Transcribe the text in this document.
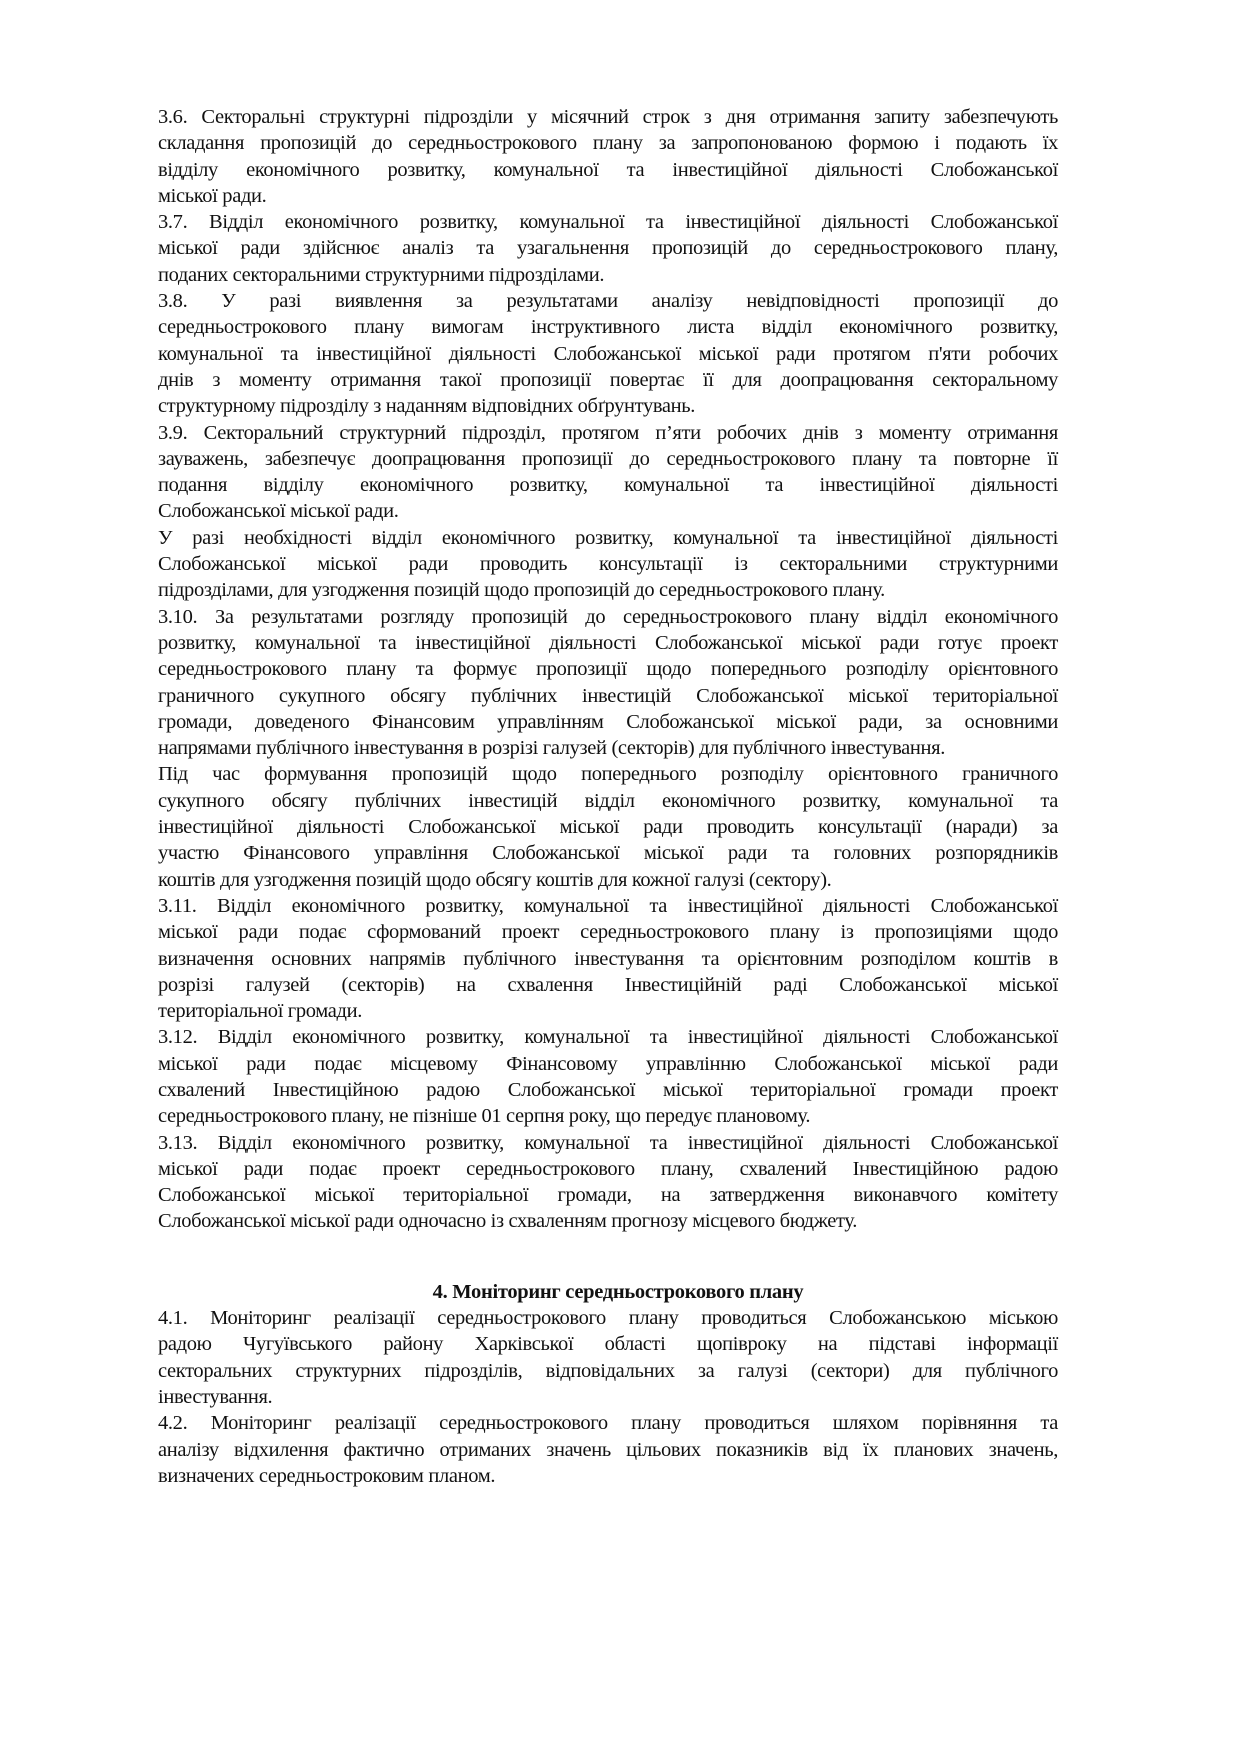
3.6. Секторальні структурні підрозділи у місячний строк з дня отримання запиту забезпечують
складання пропозицій до середньострокового плану за запропонованою формою і подають їх
відділу економічного розвитку, комунальної та інвестиційної діяльності Слобожанської
міської ради.
3.7. Відділ економічного розвитку, комунальної та інвестиційної діяльності Слобожанської
міської ради здійснює аналіз та узагальнення пропозицій до середньострокового плану,
поданих секторальними структурними підрозділами.
3.8. У разі виявлення за результатами аналізу невідповідності пропозиції до
середньострокового плану вимогам інструктивного листа відділ економічного розвитку,
комунальної та інвестиційної діяльності Слобожанської міської ради протягом п'яти робочих
днів з моменту отримання такої пропозиції повертає її для доопрацювання секторальному
структурному підрозділу з наданням відповідних обґрунтувань.
3.9. Секторальний структурний підрозділ, протягом п’яти робочих днів з моменту отримання
зауважень, забезпечує доопрацювання пропозиції до середньострокового плану та повторне її
подання відділу економічного розвитку, комунальної та інвестиційної діяльності
Слобожанської міської ради.
У разі необхідності відділ економічного розвитку, комунальної та інвестиційної діяльності
Слобожанської міської ради проводить консультації із секторальними структурними
підрозділами, для узгодження позицій щодо пропозицій до середньострокового плану.
3.10. За результатами розгляду пропозицій до середньострокового плану відділ економічного
розвитку, комунальної та інвестиційної діяльності Слобожанської міської ради готує проект
середньострокового плану та формує пропозиції щодо попереднього розподілу орієнтовного
граничного сукупного обсягу публічних інвестицій Слобожанської міської територіальної
громади, доведеного Фінансовим управлінням Слобожанської міської ради, за основними
напрямами публічного інвестування в розрізі галузей (секторів) для публічного інвестування.
Під час формування пропозицій щодо попереднього розподілу орієнтовного граничного
сукупного обсягу публічних інвестицій відділ економічного розвитку, комунальної та
інвестиційної діяльності Слобожанської міської ради проводить консультації (наради) за
участю Фінансового управління Слобожанської міської ради та головних розпорядників
коштів для узгодження позицій щодо обсягу коштів для кожної галузі (сектору).
3.11. Відділ економічного розвитку, комунальної та інвестиційної діяльності Слобожанської
міської ради подає сформований проект середньострокового плану із пропозиціями щодо
визначення основних напрямів публічного інвестування та орієнтовним розподілом коштів в
розрізі галузей (секторів) на схвалення Інвестиційній раді Слобожанської міської
територіальної громади.
3.12. Відділ економічного розвитку, комунальної та інвестиційної діяльності Слобожанської
міської ради подає місцевому Фінансовому управлінню Слобожанської міської ради
схвалений Інвестиційною радою Слобожанської міської територіальної громади проект
середньострокового плану, не пізніше 01 серпня року, що передує плановому.
3.13. Відділ економічного розвитку, комунальної та інвестиційної діяльності Слобожанської
міської ради подає проект середньострокового плану, схвалений Інвестиційною радою
Слобожанської міської територіальної громади, на затвердження виконавчого комітету
Слобожанської міської ради одночасно із схваленням прогнозу місцевого бюджету.
4. Моніторинг середньострокового плану
4.1. Моніторинг реалізації середньострокового плану проводиться Слобожанською міською
радою Чугуївського району Харківської області щопівроку на підставі інформації
секторальних структурних підрозділів, відповідальних за галузі (сектори) для публічного
інвестування.
4.2. Моніторинг реалізації середньострокового плану проводиться шляхом порівняння та
аналізу відхилення фактично отриманих значень цільових показників від їх планових значень,
визначених середньостроковим планом.
